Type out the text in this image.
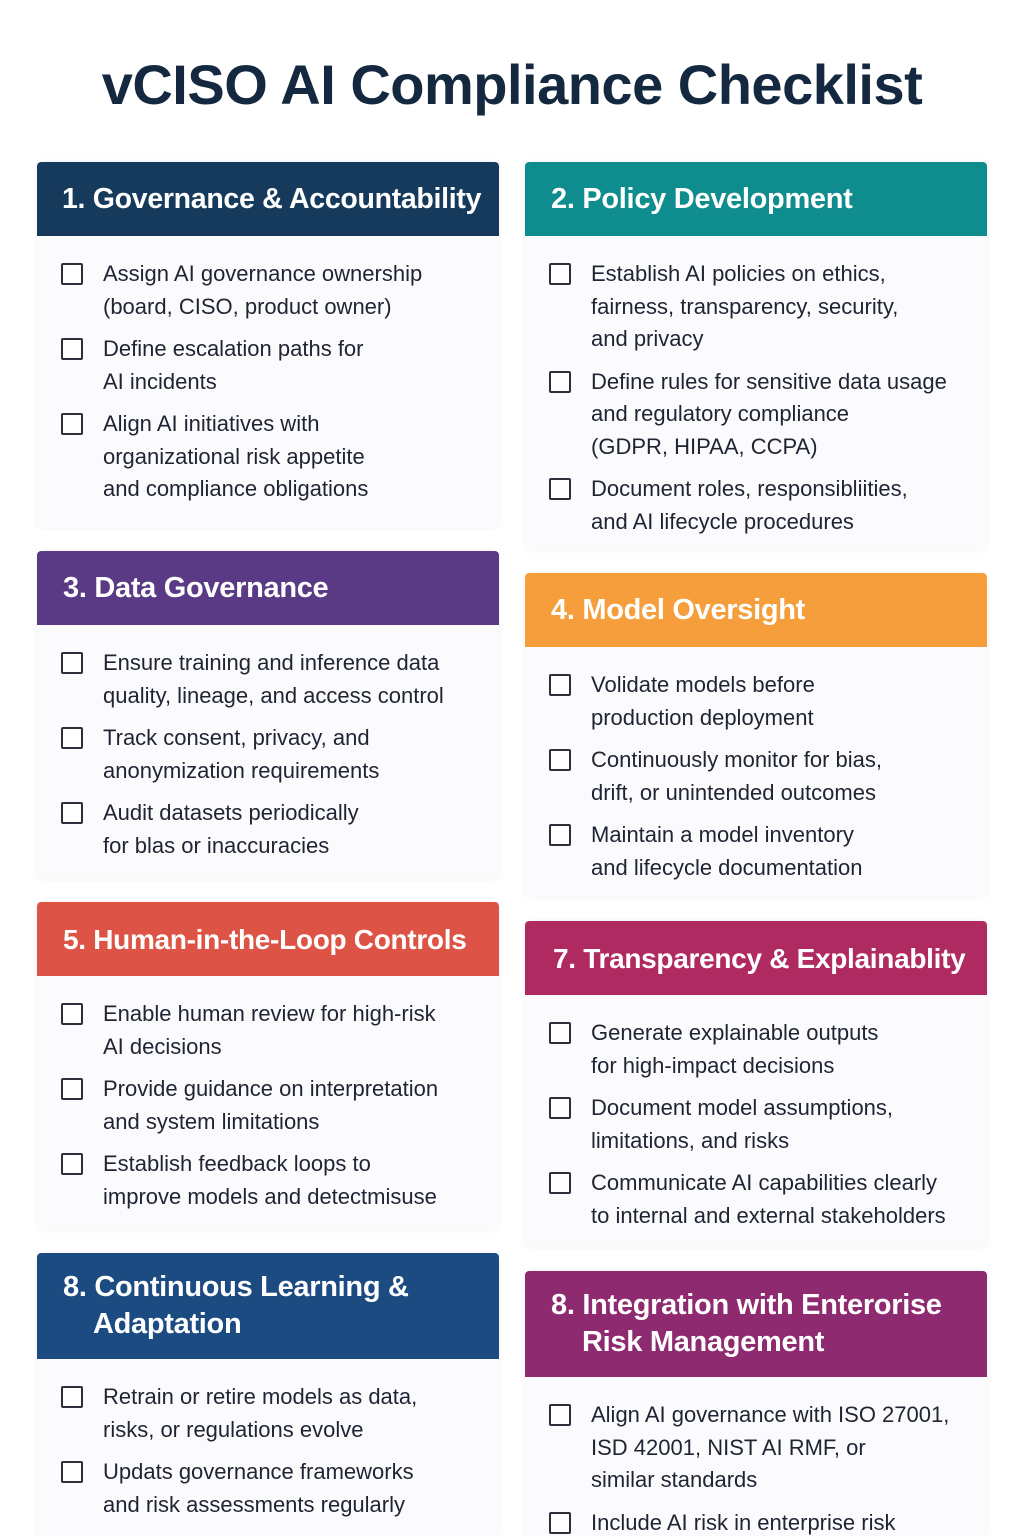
vCISO AI Compliance Checklist
1. Governance & Accountability
Assign AI governance ownership
(board, CISO, product owner)
Define escalation paths for
AI incidents
Align AI initiatives with
organizational risk appetite
and compliance obligations
2. Policy Development
Establish AI policies on ethics,
fairness, transparency, security,
and privacy
Define rules for sensitive data usage
and regulatory compliance
(GDPR, HIPAA, CCPA)
Document roles, responsibliities,
and AI lifecycle procedures
3. Data Governance
Ensure training and inference data
quality, lineage, and access control
Track consent, privacy, and
anonymization requirements
Audit datasets periodically
for blas or inaccuracies
4. Model Oversight
Volidate models before
production deployment
Continuously monitor for bias,
drift, or unintended outcomes
Maintain a model inventory
and lifecycle documentation
5. Human-in-the-Loop Controls
Enable human review for high-risk
AI decisions
Provide guidance on interpretation
and system limitations
Establish feedback loops to
improve models and detectmisuse
7. Transparency & Explainablity
Generate explainable outputs
for high-impact decisions
Document model assumptions,
limitations, and risks
Communicate AI capabilities clearly
to internal and external stakeholders
8. Continuous Learning &
Adaptation
Retrain or retire models as data,
risks, or regulations evolve
Updats governance frameworks
and risk assessments regularly
8. Integration with Enterorise
Risk Management
Align AI governance with ISO 27001,
ISD 42001, NIST AI RMF, or
similar standards
Include AI risk in enterprise risk
